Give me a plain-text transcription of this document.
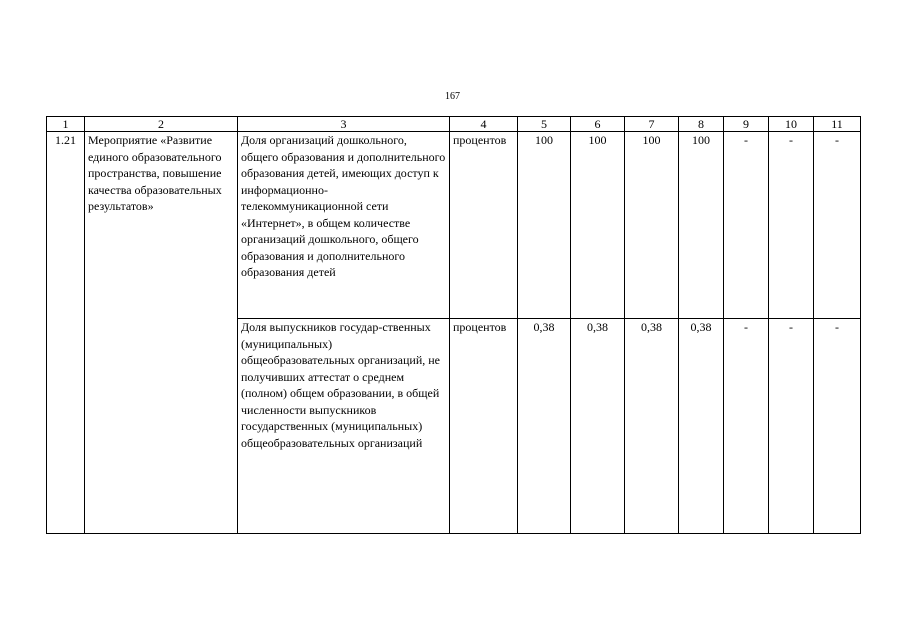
167
1	2	3	4	5	6	7	8	9	10	11
1.21	Мероприятие «Развитие единого образовательного пространства, повышение качества образовательных результатов»	Доля организаций дошкольного, общего образования и дополнительного образования детей, имеющих доступ к информационно-телекоммуникационной сети «Интернет», в общем количестве организаций дошкольного, общего образования и дополнительного образования детей	процентов	100	100	100	100	-	-	-
		Доля выпускников государ-ственных (муниципальных) общеобразовательных организаций, не получивших аттестат о среднем (полном) общем образовании, в общей численности выпускников государственных (муниципальных) общеобразовательных организаций	процентов	0,38	0,38	0,38	0,38	-	-	-
